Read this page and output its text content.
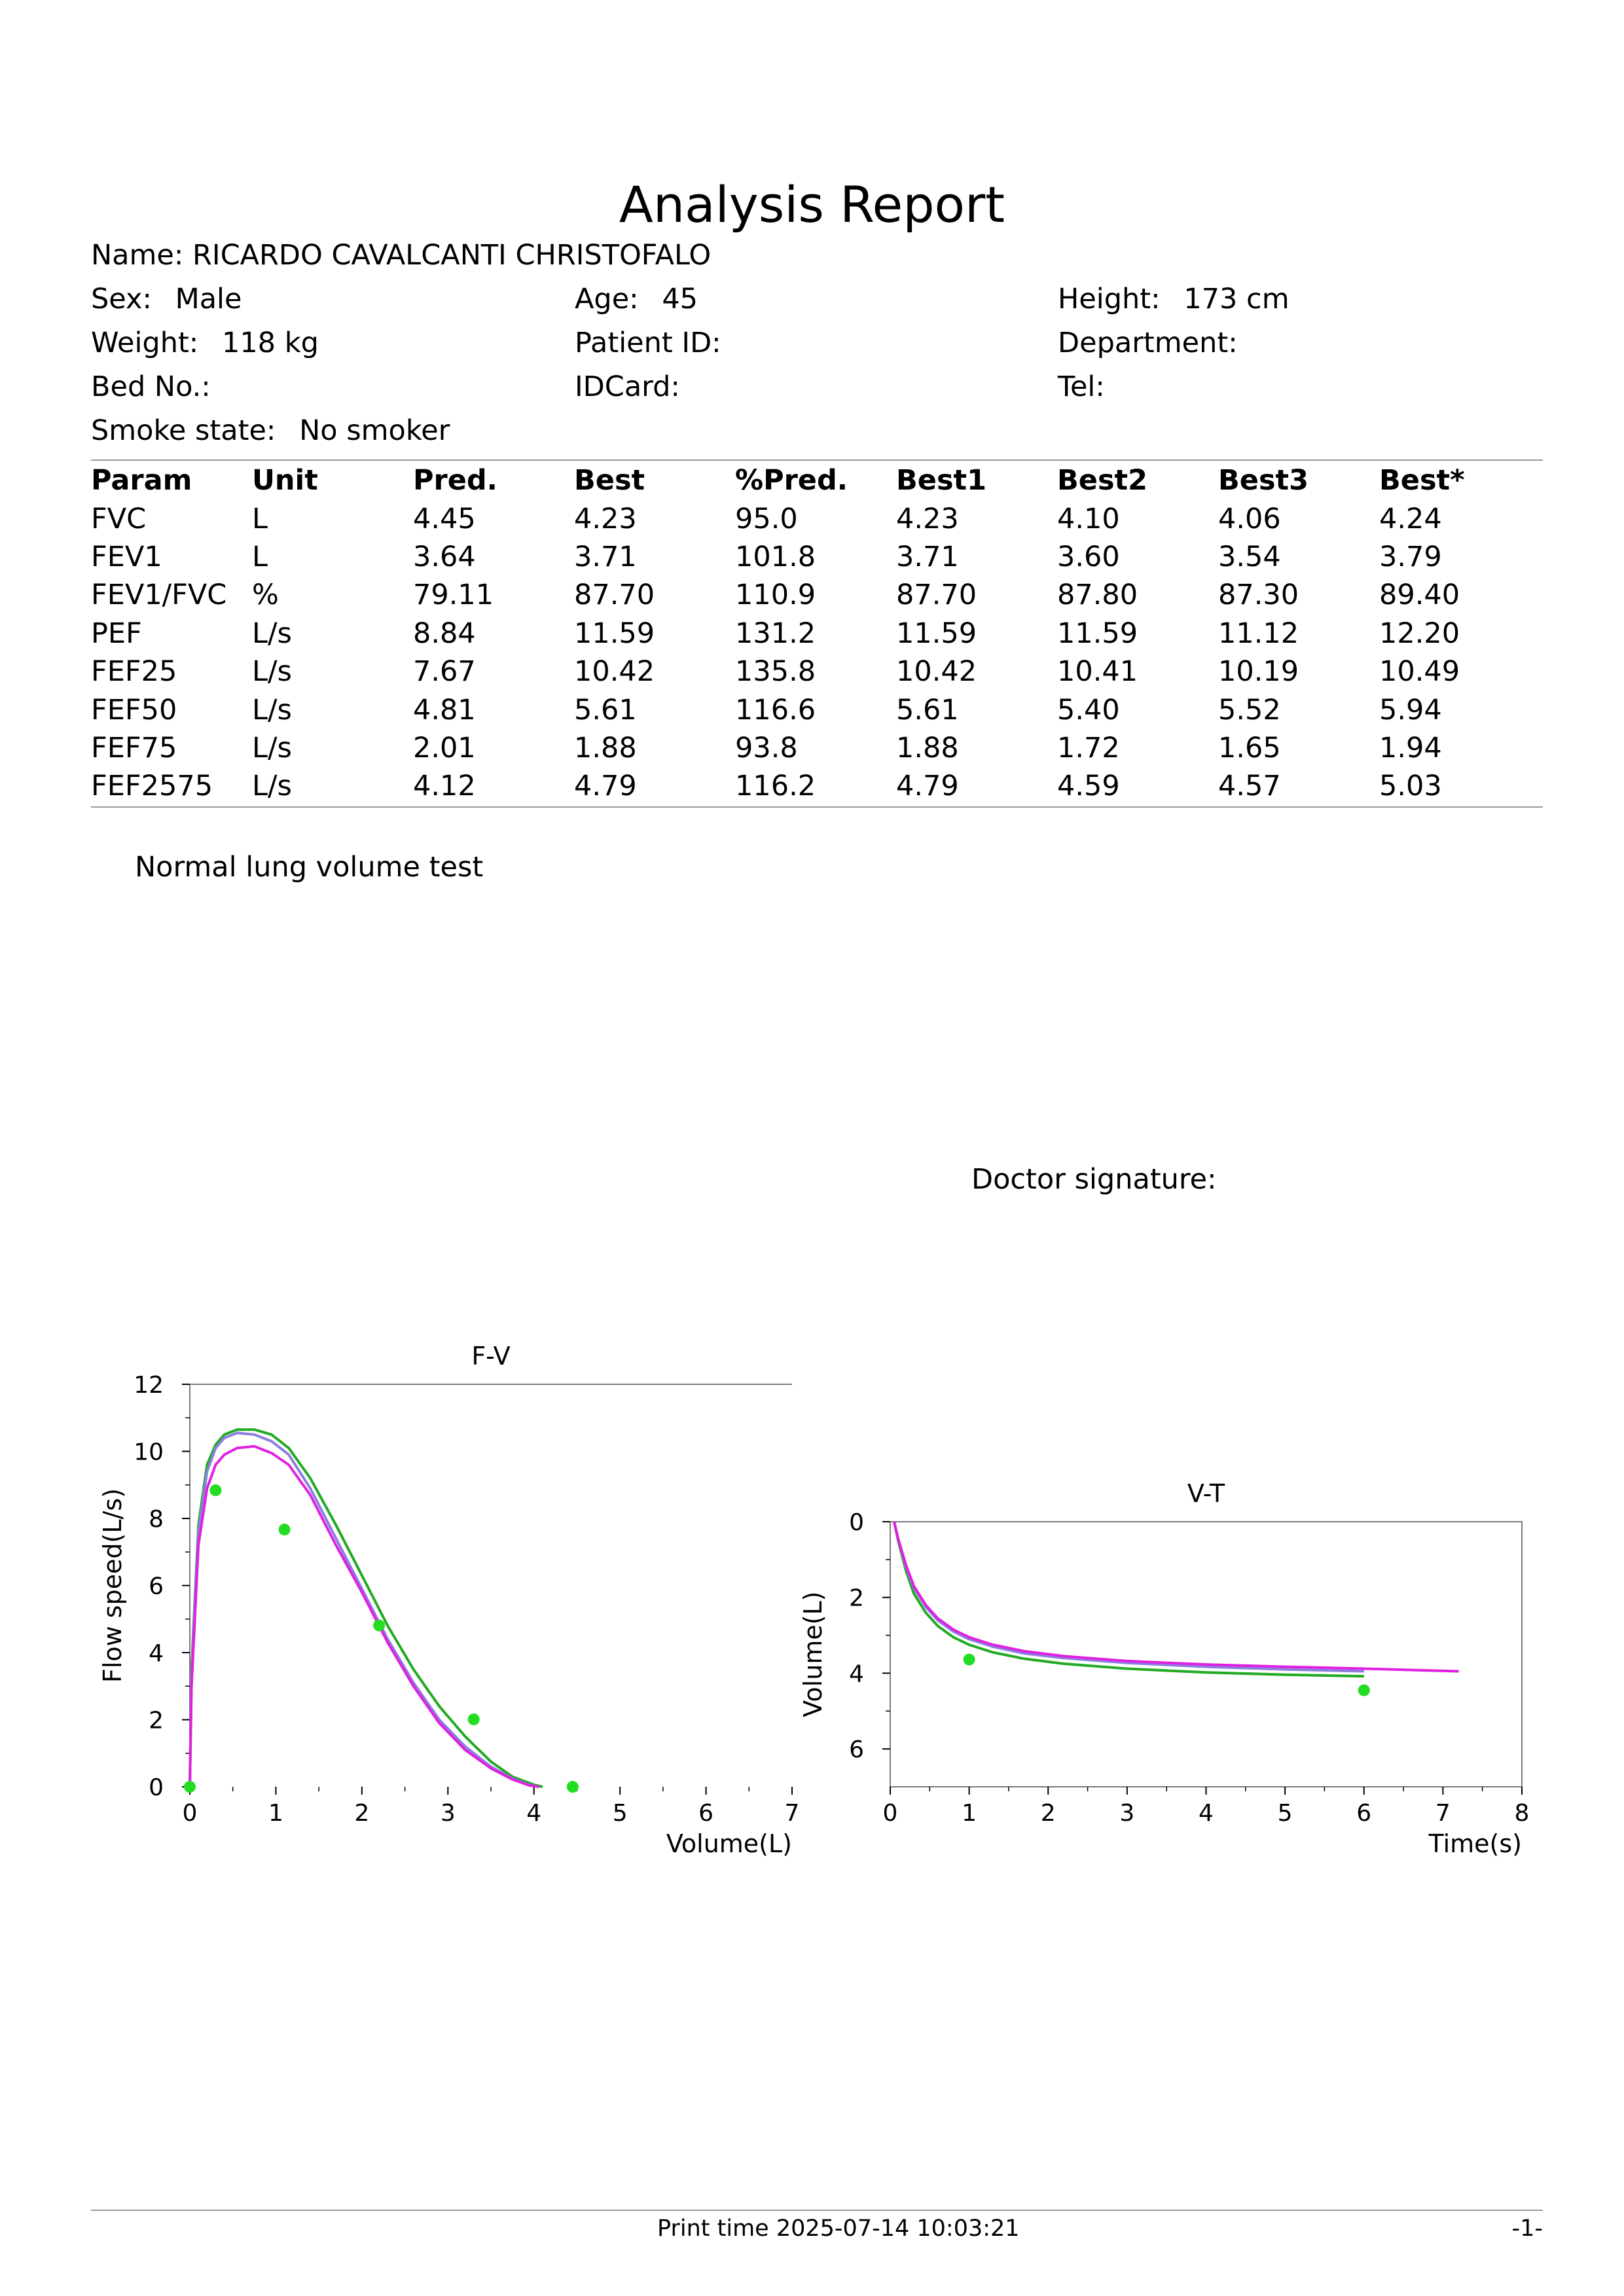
Analysis Report
Name: RICARDO CAVALCANTI CHRISTOFALO
Sex: Male	Age: 45	Height: 173 cm
Weight: 118 kg	Patient ID:	Department:
Bed No.:	IDCard:	Tel:
Smoke state: No smoker
Param	Unit	Pred.	Best	%Pred.	Best1	Best2	Best3	Best*
FVC	L	4.45	4.23	95.0	4.23	4.10	4.06	4.24
FEV1	L	3.64	3.71	101.8	3.71	3.60	3.54	3.79
FEV1/FVC	%	79.11	87.70	110.9	87.70	87.80	87.30	89.40
PEF	L/s	8.84	11.59	131.2	11.59	11.59	11.12	12.20
FEF25	L/s	7.67	10.42	135.8	10.42	10.41	10.19	10.49
FEF50	L/s	4.81	5.61	116.6	5.61	5.40	5.52	5.94
FEF75	L/s	2.01	1.88	93.8	1.88	1.72	1.65	1.94
FEF2575	L/s	4.12	4.79	116.2	4.79	4.59	4.57	5.03
Normal lung volume test
Doctor signature:
0	1	2	3	4	5	6	7
0
2
4
6
8
10
12
F-V
Volume(L)
Flow speed(L/s)
0	1	2	3	4	5	6	7	8
0
2
4
6
V-T
Time(s)
Volume(L)
Print time 2025-07-14 10:03:21	-1-
